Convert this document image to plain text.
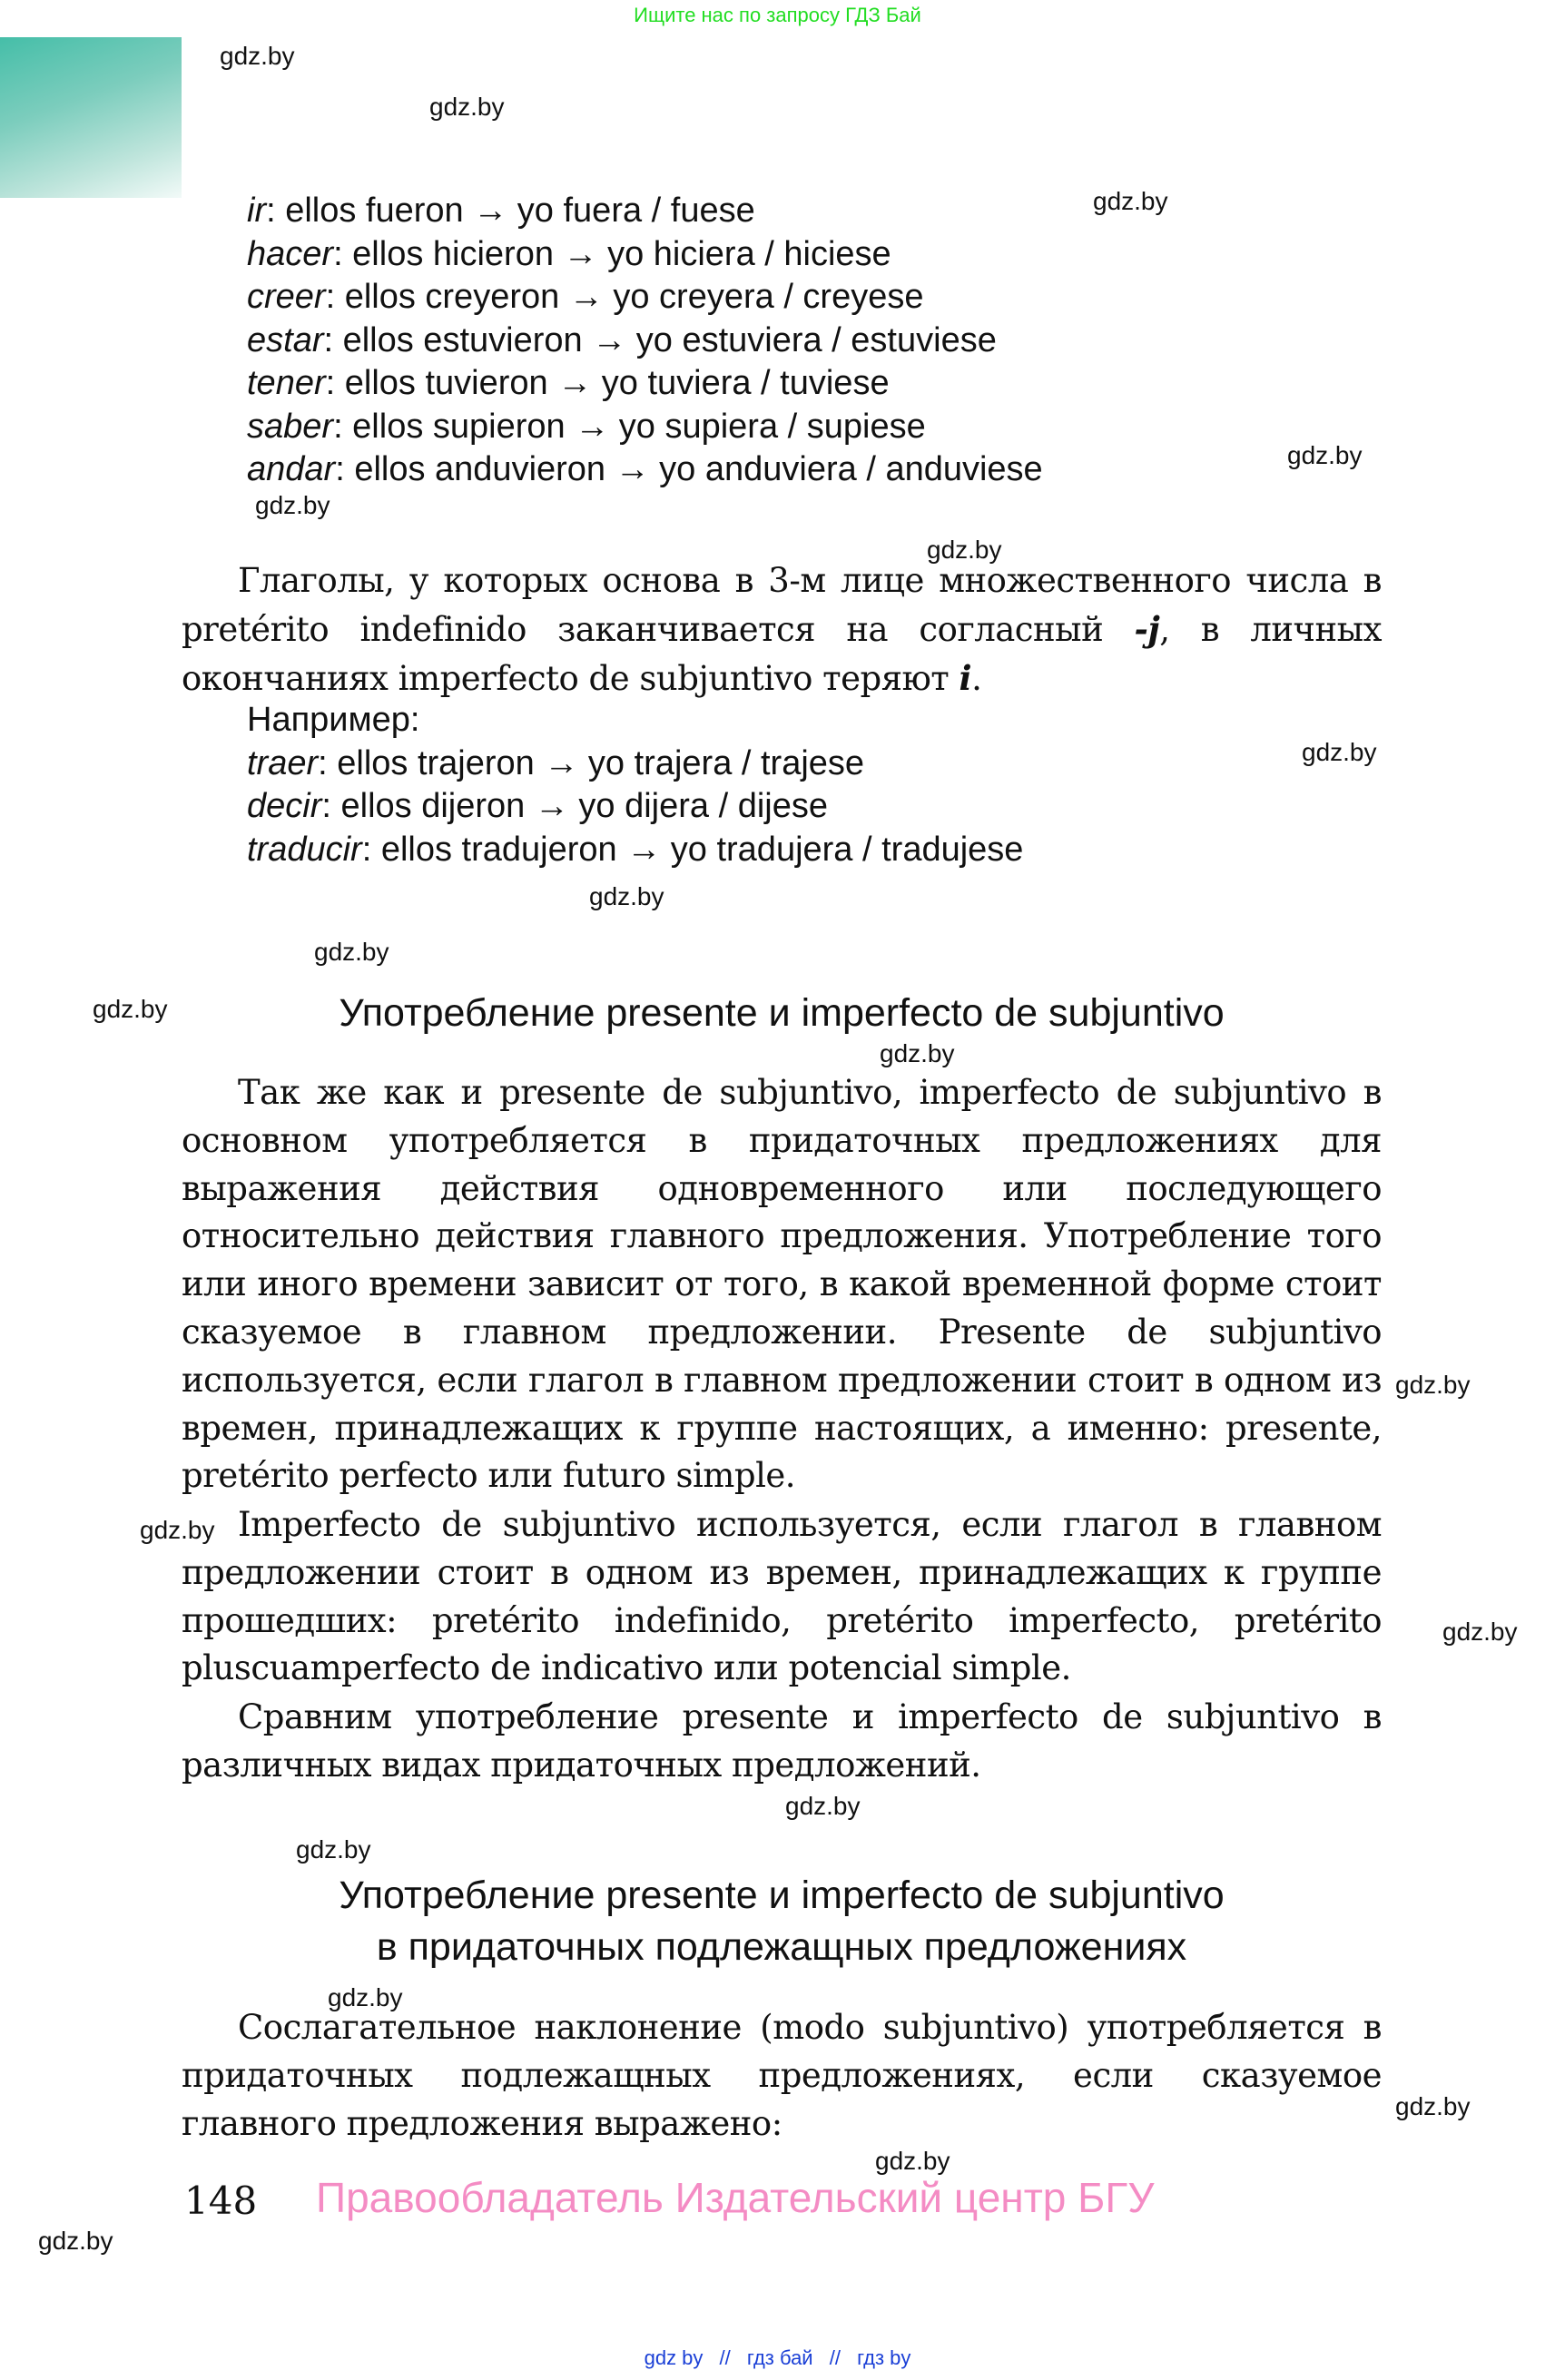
Ищите нас по запросу ГДЗ Бай
gdz.by
gdz.by
gdz.by
gdz.by
gdz.by
gdz.by
gdz.by
gdz.by
gdz.by
gdz.by
gdz.by
gdz.by
gdz.by
gdz.by
gdz.by
gdz.by
gdz.by
gdz.by
gdz.by
gdz.by
ir: ellos fueron → yo fuera / fuese
hacer: ellos hicieron → yo hiciera / hiciese
creer: ellos creyeron → yo creyera / creyese
estar: ellos estuvieron → yo estuviera / estuviese
tener: ellos tuvieron → yo tuviera / tuviese
saber: ellos supieron → yo supiera / supiese
andar: ellos anduvieron → yo anduviera / anduviese
Глаголы, у которых основа в 3-м лице множественного числа в pretérito indefinido заканчивается на согласный -j, в личных окончаниях imperfecto de subjuntivo теряют i.
Например:
traer: ellos trajeron → yo trajera / trajese
decir: ellos dijeron → yo dijera / dijese
traducir: ellos tradujeron → yo tradujera / tradujese
Употребление presente и imperfecto de subjuntivo
Так же как и presente de subjuntivo, imperfecto de subjuntivo в основном употребляется в придаточных предложениях для выражения действия одновременного или последующего относительно действия главного предложения. Употребление того или иного времени зависит от того, в какой временной форме стоит сказуемое в главном предложении. Presente de subjuntivo используется, если глагол в главном предложении стоит в одном из времен, принадлежащих к группе настоящих, а именно: presente, pretérito perfecto или futuro simple.
Imperfecto de subjuntivo используется, если глагол в главном предложении стоит в одном из времен, принадлежащих к группе прошедших: pretérito indefinido, pretérito imperfecto, pretérito pluscuamperfecto de indicativo или potencial simple.
Сравним употребление presente и imperfecto de subjuntivo в различных видах придаточных предложений.
Употребление presente и imperfecto de subjuntivo
в придаточных подлежащных предложениях
Сослагательное наклонение (modo subjuntivo) употребляется в придаточных подлежащных предложениях, если сказуемое главного предложения выражено:
148 Правообладатель Издательский центр БГУ
gdz by // гдз бай // гдз by
